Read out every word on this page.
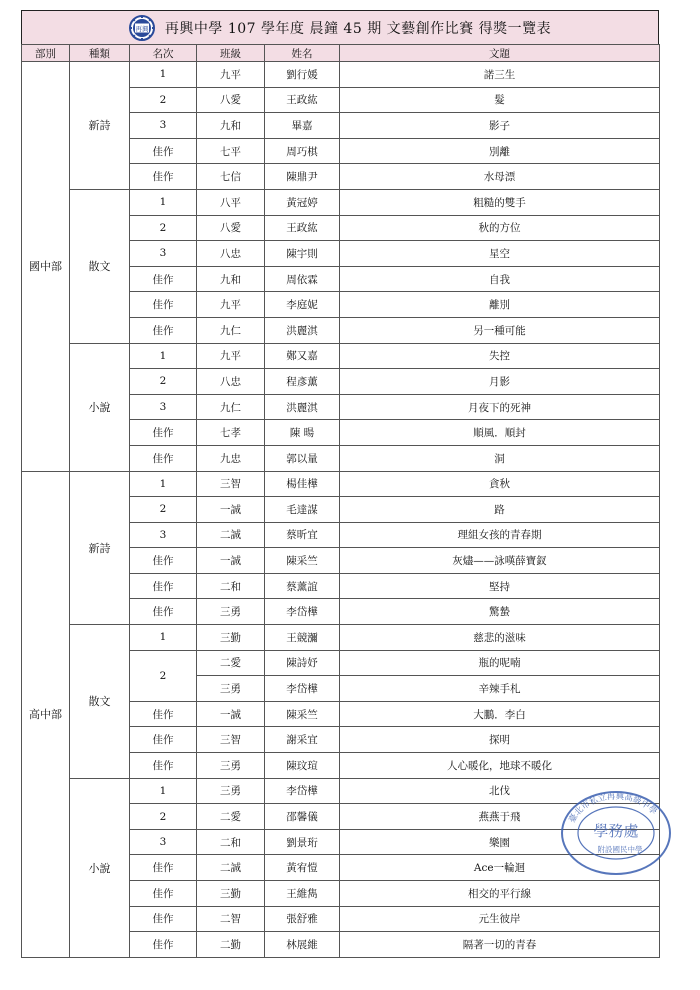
再興 再興中學 107 學年度 晨鐘 45 期 文藝創作比賽 得獎一覽表
部別	種類	名次	班級	姓名	文題
國中部	新詩	1	九平	劉行媛	諾三生
		2	八愛	王政紘	髮
		3	九和	畢嘉	影子
		佳作	七平	周巧棋	別離
		佳作	七信	陳鼎尹	水母漂
	散文	1	八平	黃冠婷	粗糙的雙手
		2	八愛	王政紘	秋的方位
		3	八忠	陳宇則	星空
		佳作	九和	周依霖	自我
		佳作	九平	李庭妮	離別
		佳作	九仁	洪麗淇	另一種可能
	小說	1	九平	鄭又嘉	失控
		2	八忠	程彥薰	月影
		3	九仁	洪麗淇	月夜下的死神
		佳作	七孝	陳 暘	順風．順封
		佳作	九忠	郭以量	洞
高中部	新詩	1	三智	楊佳樺	貪秋
		2	一誠	毛達謀	路
		3	二誠	蔡昕宜	理組女孩的青春期
		佳作	一誠	陳采竺	灰燼——詠嘆薛寶釵
		佳作	二和	蔡薰誼	堅持
		佳作	三勇	李岱樺	驚蟄
	散文	1	三勤	王競瀰	慈悲的滋味
		2	二愛	陳詩妤	瓶的呢喃
			三勇	李岱樺	辛辣手札
		佳作	一誠	陳采竺	大鵬．李白
		佳作	三智	謝采宜	探明
		佳作	三勇	陳玟瑄	人心暖化，地球不暖化
	小說	1	三勇	李岱樺	北伐
		2	二愛	邵馨儀	燕燕于飛
		3	二和	劉景珩	樂園
		佳作	二誠	黃宥愷	Ace一輪迴
		佳作	三勤	王維雋	相交的平行線
		佳作	二智	張舒雅	元生彼岸
		佳作	二勤	林展維	隔著一切的青春
臺北市私立再興高級中學
學務處
附設國民中學
